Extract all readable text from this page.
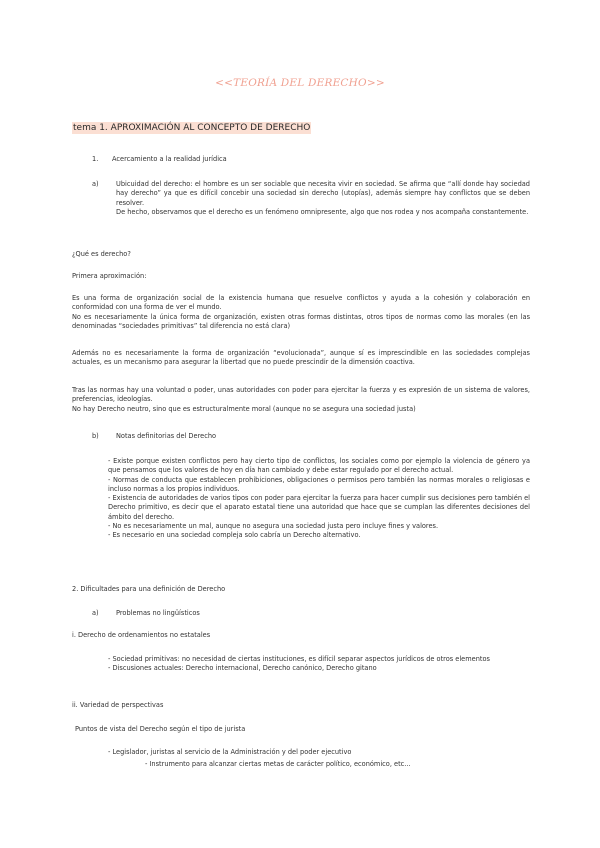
<<TEORÍA DEL DERECHO>>
tema 1. APROXIMACIÓN AL CONCEPTO DE DERECHO
1. Acercamiento a la realidad jurídica
a)	Ubicuidad del derecho: el hombre es un ser sociable que necesita vivir en sociedad. Se afirma que “allí donde hay sociedad hay derecho” ya que es difícil concebir una sociedad sin derecho (utopías), además siempre hay conflictos que se deben resolver.

De hecho, observamos que el derecho es un fenómeno omnipresente, algo que nos rodea y nos acompaña constantemente.

¿Qué es derecho?
Primera aproximación:

Es una forma de organización social de la existencia humana que resuelve conflictos y ayuda a la cohesión y colaboración en conformidad con una forma de ver el mundo.

No es necesariamente la única forma de organización, existen otras formas distintas, otros tipos de normas como las morales (en las denominadas “sociedades primitivas” tal diferencia no está clara)

Además no es necesariamente la forma de organización “evolucionada”, aunque sí es imprescindible en las sociedades complejas actuales, es un mecanismo para asegurar la libertad que no puede prescindir de la dimensión coactiva.

Tras las normas hay una voluntad o poder, unas autoridades con poder para ejercitar la fuerza y es expresión de un sistema de valores, preferencias, ideologías.

No hay Derecho neutro, sino que es estructuralmente moral (aunque no se asegura una sociedad justa)

b)	Notas definitorias del Derecho

- Existe porque existen conflictos pero hay cierto tipo de conflictos, los sociales como por ejemplo la violencia de género ya que pensamos que los valores de hoy en día han cambiado y debe estar regulado por el derecho actual.

- Normas de conducta que establecen prohibiciones, obligaciones o permisos pero también las normas morales o religiosas e incluso normas a los propios individuos.

- Existencia de autoridades de varios tipos con poder para ejercitar la fuerza para hacer cumplir sus decisiones pero también el Derecho primitivo, es decir que el aparato estatal tiene una autoridad que hace que se cumplan las diferentes decisiones del ámbito del derecho.

- No es necesariamente un mal, aunque no asegura una sociedad justa pero incluye fines y valores.

- Es necesario en una sociedad compleja solo cabría un Derecho alternativo.

2. Dificultades para una definición de Derecho
a)	Problemas no lingüísticos
i. Derecho de ordenamientos no estatales

- Sociedad primitivas: no necesidad de ciertas instituciones, es difícil separar aspectos jurídicos de otros elementos

- Discusiones actuales: Derecho internacional, Derecho canónico, Derecho gitano

ii. Variedad de perspectivas
Puntos de vista del Derecho según el tipo de jurista
- Legislador, juristas al servicio de la Administración y del poder ejecutivo
- Instrumento para alcanzar ciertas metas de carácter político, económico, etc...
